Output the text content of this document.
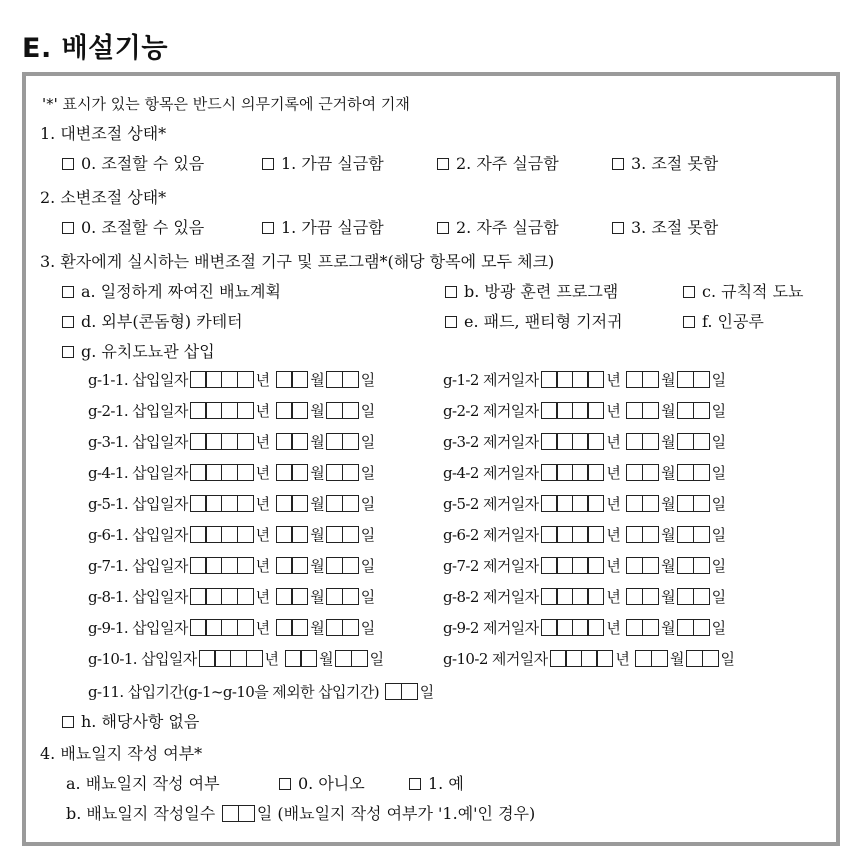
E. 배설기능
'*' 표시가 있는 항목은 반드시 의무기록에 근거하여 기재
1. 대변조절 상태*
0. 조절할 수 있음	1. 가끔 실금함	2. 자주 실금함	3. 조절 못함
2. 소변조절 상태*
0. 조절할 수 있음	1. 가끔 실금함	2. 자주 실금함	3. 조절 못함
3. 환자에게 실시하는 배변조절 기구 및 프로그램*(해당 항목에 모두 체크)
a. 일정하게 짜여진 배뇨계획	b. 방광 훈련 프로그램	c. 규칙적 도뇨
d. 외부(콘돔형) 카테터	e. 패드, 팬티형 기저귀	f. 인공루
g. 유치도뇨관 삽입
g-1-1. 삽입일자	년	월 일	g-1-2 제거일자	년	월 일
g-2-1. 삽입일자	년	월 일	g-2-2 제거일자	년	월 일
g-3-1. 삽입일자	년	월 일	g-3-2 제거일자	년	월 일
g-4-1. 삽입일자	년	월 일	g-4-2 제거일자	년	월 일
g-5-1. 삽입일자	년	월 일	g-5-2 제거일자	년	월 일
g-6-1. 삽입일자	년	월 일	g-6-2 제거일자	년	월 일
g-7-1. 삽입일자	년	월 일	g-7-2 제거일자	년	월 일
g-8-1. 삽입일자	년	월 일	g-8-2 제거일자	년	월 일
g-9-1. 삽입일자	년	월 일	g-9-2 제거일자	년	월 일
g-10-1. 삽입일자	년	월 일	g-10-2 제거일자	년	월 일
g-11. 삽입기간(g-1~g-10을 제외한 삽입기간)	일
h. 해당사항 없음
4. 배뇨일지 작성 여부*
a. 배뇨일지 작성 여부	0. 아니오	1. 예
b. 배뇨일지 작성일수	일 (배뇨일지 작성 여부가 '1.예'인 경우)
